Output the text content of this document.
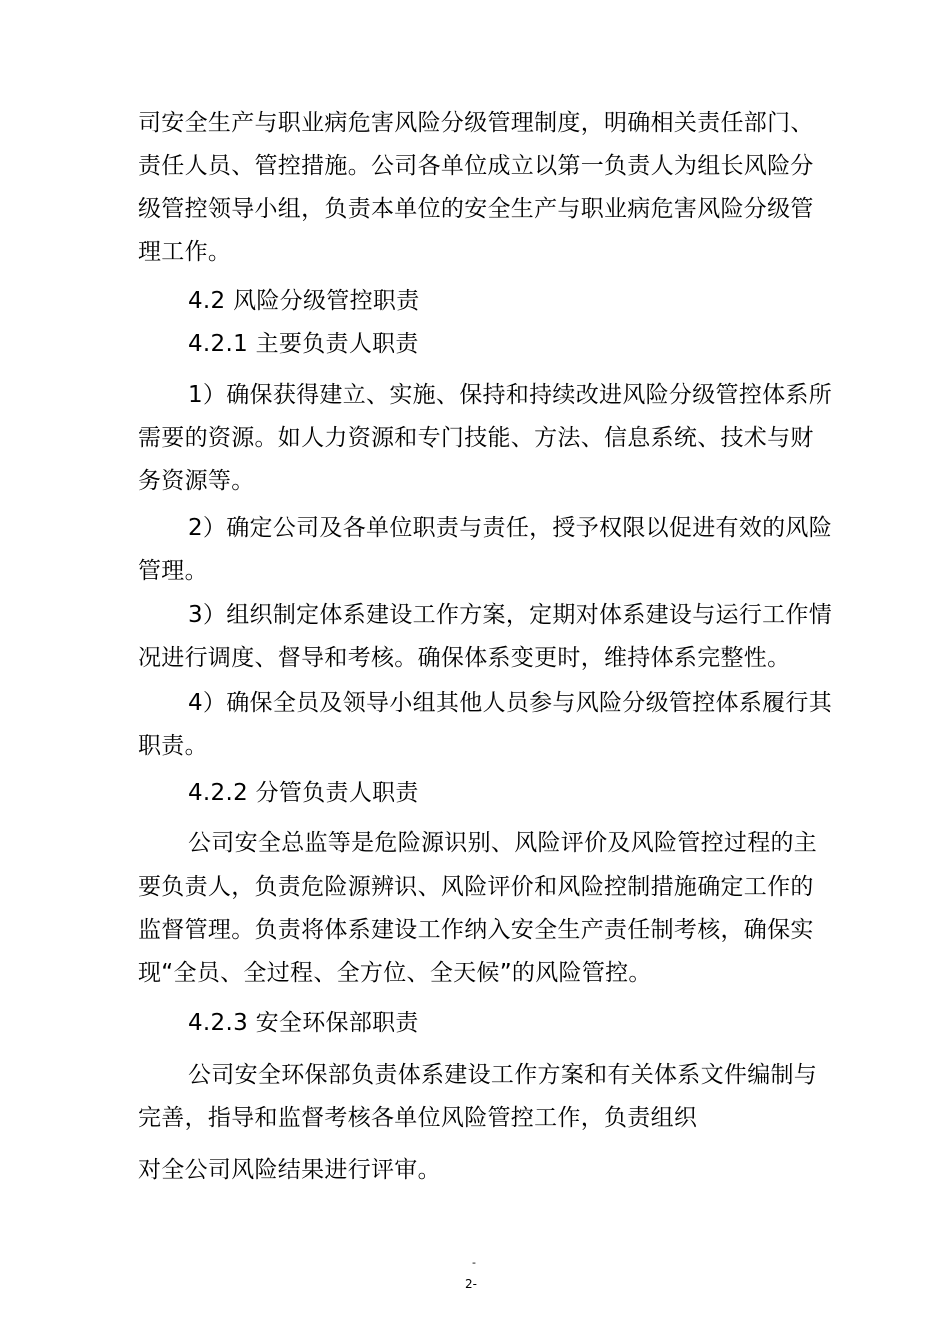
司安全生产与职业病危害风险分级管理制度，明确相关责任部门、
责任人员、管控措施。公司各单位成立以第一负责人为组长风险分
级管控领导小组，负责本单位的安全生产与职业病危害风险分级管
理工作。
4.2 风险分级管控职责
4.2.1 主要负责人职责
1）确保获得建立、实施、保持和持续改进风险分级管控体系所
需要的资源。如人力资源和专门技能、方法、信息系统、技术与财
务资源等。
2）确定公司及各单位职责与责任，授予权限以促进有效的风险
管理。
3）组织制定体系建设工作方案，定期对体系建设与运行工作情
况进行调度、督导和考核。确保体系变更时，维持体系完整性。
4）确保全员及领导小组其他人员参与风险分级管控体系履行其
职责。
4.2.2 分管负责人职责
公司安全总监等是危险源识别、风险评价及风险管控过程的主
要负责人，负责危险源辨识、风险评价和风险控制措施确定工作的
监督管理。负责将体系建设工作纳入安全生产责任制考核，确保实
现“全员、全过程、全方位、全天候”的风险管控。
4.2.3 安全环保部职责
公司安全环保部负责体系建设工作方案和有关体系文件编制与
完善，指导和监督考核各单位风险管控工作，负责组织
对全公司风险结果进行评审。
-
2-
